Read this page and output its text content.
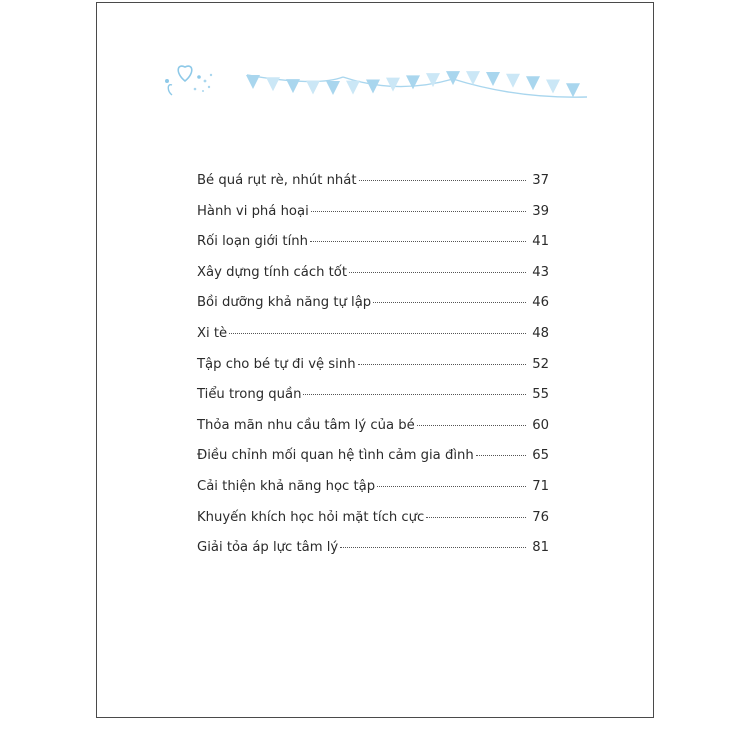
Bé quá rụt rè, nhút nhát	37
Hành vi phá hoại	39
Rối loạn giới tính	41
Xây dựng tính cách tốt	43
Bồi dưỡng khả năng tự lập	46
Xi tè	48
Tập cho bé tự đi vệ sinh	52
Tiểu trong quần	55
Thỏa mãn nhu cầu tâm lý của bé	60
Điều chỉnh mối quan hệ tình cảm gia đình	65
Cải thiện khả năng học tập	71
Khuyến khích học hỏi mặt tích cực	76
Giải tỏa áp lực tâm lý	81
